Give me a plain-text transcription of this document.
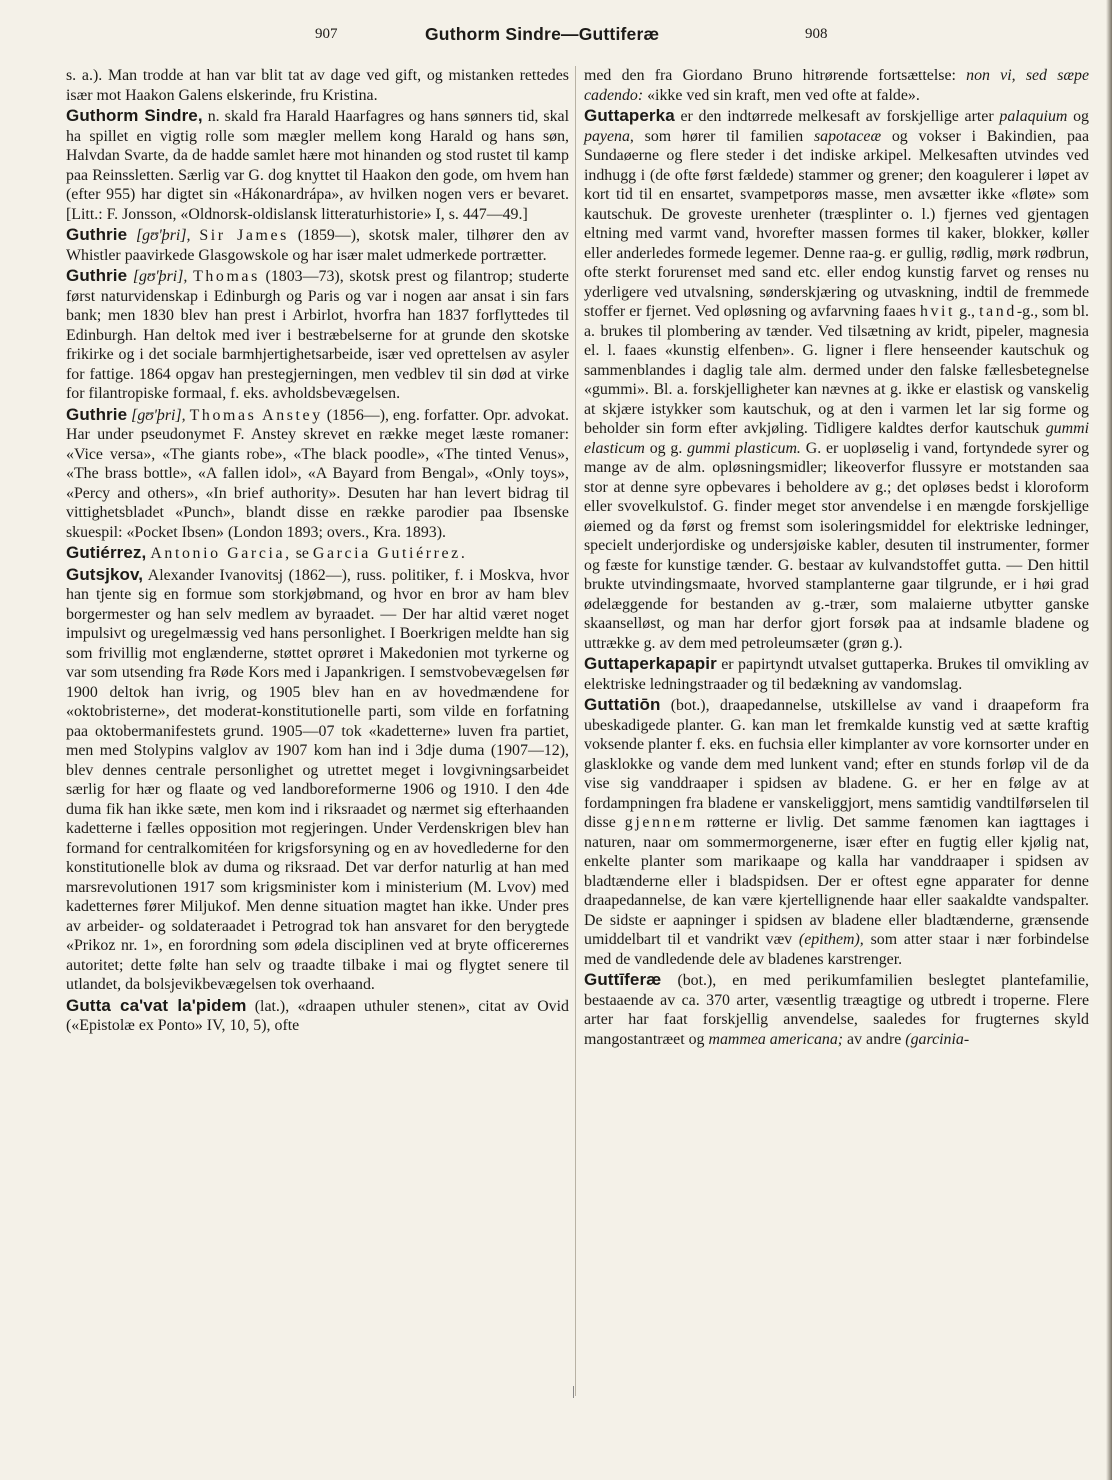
907	Guthorm Sindre—Guttiferæ	908

s. a.). Man trodde at han var blit tat av dage ved gift, og mistanken rettedes især mot Haakon Galens elskerinde, fru Kristina.

Guthorm Sindre, n. skald fra Harald Haarfagres og hans sønners tid, skal ha spillet en vigtig rolle som mægler mellem kong Harald og hans søn, Halvdan Svarte, da de hadde samlet hære mot hinanden og stod rustet til kamp paa Reinssletten. Særlig var G. dog knyttet til Haakon den gode, om hvem han (efter 955) har digtet sin «Hákonardrápa», av hvilken nogen vers er bevaret. [Litt.: F. Jonsson, «Oldnorsk-oldislansk litteraturhistorie» I, s. 447—49.]

Guthrie [gʊ'þri], Sir James (1859—), skotsk maler, tilhører den av Whistler paavirkede Glasgowskole og har især malet udmerkede portrætter.

Guthrie [gʊ'þri], Thomas (1803—73), skotsk prest og filantrop; studerte først naturvidenskap i Edinburgh og Paris og var i nogen aar ansat i sin fars bank; men 1830 blev han prest i Arbirlot, hvorfra han 1837 forflyttedes til Edinburgh. Han deltok med iver i bestræbelserne for at grunde den skotske frikirke og i det sociale barmhjertighetsarbeide, især ved oprettelsen av asyler for fattige. 1864 opgav han prestegjerningen, men vedblev til sin død at virke for filantropiske formaal, f. eks. avholdsbevægelsen.

Guthrie [gʊ'þri], Thomas Anstey (1856—), eng. forfatter. Opr. advokat. Har under pseudonymet F. Anstey skrevet en række meget læste romaner: «Vice versa», «The giants robe», «The black poodle», «The tinted Venus», «The brass bottle», «A fallen idol», «A Bayard from Bengal», «Only toys», «Percy and others», «In brief authority». Desuten har han levert bidrag til vittighetsbladet «Punch», blandt disse en række parodier paa Ibsenske skuespil: «Pocket Ibsen» (London 1893; overs., Kra. 1893).

Gutiérrez, Antonio Garcia, se Garcia Gutiérrez.

Gutsjkov, Alexander Ivanovitsj (1862—), russ. politiker, f. i Moskva, hvor han tjente sig en formue som storkjøbmand, og hvor en bror av ham blev borgermester og han selv medlem av byraadet. — Der har altid været noget impulsivt og uregelmæssig ved hans personlighet. I Boerkrigen meldte han sig som frivillig mot englænderne, støttet oprøret i Makedonien mot tyrkerne og var som utsending fra Røde Kors med i Japankrigen. I semstvobevægelsen før 1900 deltok han ivrig, og 1905 blev han en av hovedmændene for «oktobristerne», det moderat-konstitutionelle parti, som vilde en forfatning paa oktobermanifestets grund. 1905—07 tok «kadetterne» luven fra partiet, men med Stolypins valglov av 1907 kom han ind i 3dje duma (1907—12), blev dennes centrale personlighet og utrettet meget i lovgivningsarbeidet særlig for hær og flaate og ved landboreformerne 1906 og 1910. I den 4de duma fik han ikke sæte, men kom ind i riksraadet og nærmet sig efterhaanden kadetterne i fælles opposition mot regjeringen. Under Verdenskrigen blev han formand for centralkomitéen for krigsforsyning og en av hovedlederne for den konstitutionelle blok av duma og riksraad. Det var derfor naturlig at han med marsrevolutionen 1917 som krigsminister kom i ministerium (M. Lvov) med kadetternes fører Miljukof. Men denne situation magtet han ikke. Under pres av arbeider- og soldateraadet i Petrograd tok han ansvaret for den berygtede «Prikoz nr. 1», en forordning som ødela disciplinen ved at bryte officerernes autoritet; dette følte han selv og traadte tilbake i mai og flygtet senere til utlandet, da bolsjevikbevægelsen tok overhaand.

Gutta ca'vat la'pidem (lat.), «draapen uthuler stenen», citat av Ovid («Epistolæ ex Ponto» IV, 10, 5), ofte

med den fra Giordano Bruno hitrørende fortsættelse: non vi, sed sæpe cadendo: «ikke ved sin kraft, men ved ofte at falde».

Guttaperka er den indtørrede melkesaft av forskjellige arter palaquium og payena, som hører til familien sapotaceæ og vokser i Bakindien, paa Sundaøerne og flere steder i det indiske arkipel. Melkesaften utvindes ved indhugg i (de ofte først fældede) stammer og grener; den koagulerer i løpet av kort tid til en ensartet, svampetporøs masse, men avsætter ikke «fløte» som kautschuk. De groveste urenheter (træsplinter o. l.) fjernes ved gjentagen eltning med varmt vand, hvorefter massen formes til kaker, blokker, køller eller anderledes formede legemer. Denne raa-g. er gullig, rødlig, mørk rødbrun, ofte sterkt forurenset med sand etc. eller endog kunstig farvet og renses nu yderligere ved utvalsning, sønderskjæring og utvaskning, indtil de fremmede stoffer er fjernet. Ved opløsning og avfarvning faaes hvit g., tand-g., som bl. a. brukes til plombering av tænder. Ved tilsætning av kridt, pipeler, magnesia el. l. faaes «kunstig elfenben». G. ligner i flere henseender kautschuk og sammenblandes i daglig tale alm. dermed under den falske fællesbetegnelse «gummi». Bl. a. forskjelligheter kan nævnes at g. ikke er elastisk og vanskelig at skjære istykker som kautschuk, og at den i varmen let lar sig forme og beholder sin form efter avkjøling. Tidligere kaldtes derfor kautschuk gummi elasticum og g. gummi plasticum. G. er uopløselig i vand, fortyndede syrer og mange av de alm. opløsningsmidler; likeoverfor flussyre er motstanden saa stor at denne syre opbevares i beholdere av g.; det opløses bedst i kloroform eller svovelkulstof. G. finder meget stor anvendelse i en mængde forskjellige øiemed og da først og fremst som isoleringsmiddel for elektriske ledninger, specielt underjordiske og undersjøiske kabler, desuten til instrumenter, former og fæste for kunstige tænder. G. bestaar av kulvandstoffet gutta. — Den hittil brukte utvindingsmaate, hvorved stamplanterne gaar tilgrunde, er i høi grad ødelæggende for bestanden av g.-trær, som malaierne utbytter ganske skaanselløst, og man har derfor gjort forsøk paa at indsamle bladene og uttrække g. av dem med petroleumsæter (grøn g.).

Guttaperkapapir er papirtyndt utvalset guttaperka. Brukes til omvikling av elektriske ledningstraader og til bedækning av vandomslag.

Guttatiōn (bot.), draapedannelse, utskillelse av vand i draapeform fra ubeskadigede planter. G. kan man let fremkalde kunstig ved at sætte kraftig voksende planter f. eks. en fuchsia eller kimplanter av vore kornsorter under en glasklokke og vande dem med lunkent vand; efter en stunds forløp vil de da vise sig vanddraaper i spidsen av bladene. G. er her en følge av at fordampningen fra bladene er vanskeliggjort, mens samtidig vandtilførselen til disse gjennem røtterne er livlig. Det samme fænomen kan iagttages i naturen, naar om sommermorgenerne, især efter en fugtig eller kjølig nat, enkelte planter som marikaape og kalla har vanddraaper i spidsen av bladtænderne eller i bladspidsen. Der er oftest egne apparater for denne draapedannelse, de kan være kjertellignende haar eller saakaldte vandspalter. De sidste er aapninger i spidsen av bladene eller bladtænderne, grænsende umiddelbart til et vandrikt væv (epithem), som atter staar i nær forbindelse med de vandledende dele av bladenes karstrenger.

Guttīferæ (bot.), en med perikumfamilien beslegtet plantefamilie, bestaaende av ca. 370 arter, væsentlig træagtige og utbredt i troperne. Flere arter har faat forskjellig anvendelse, saaledes for frugternes skyld mangostantræet og mammea americana; av andre (garcinia-
